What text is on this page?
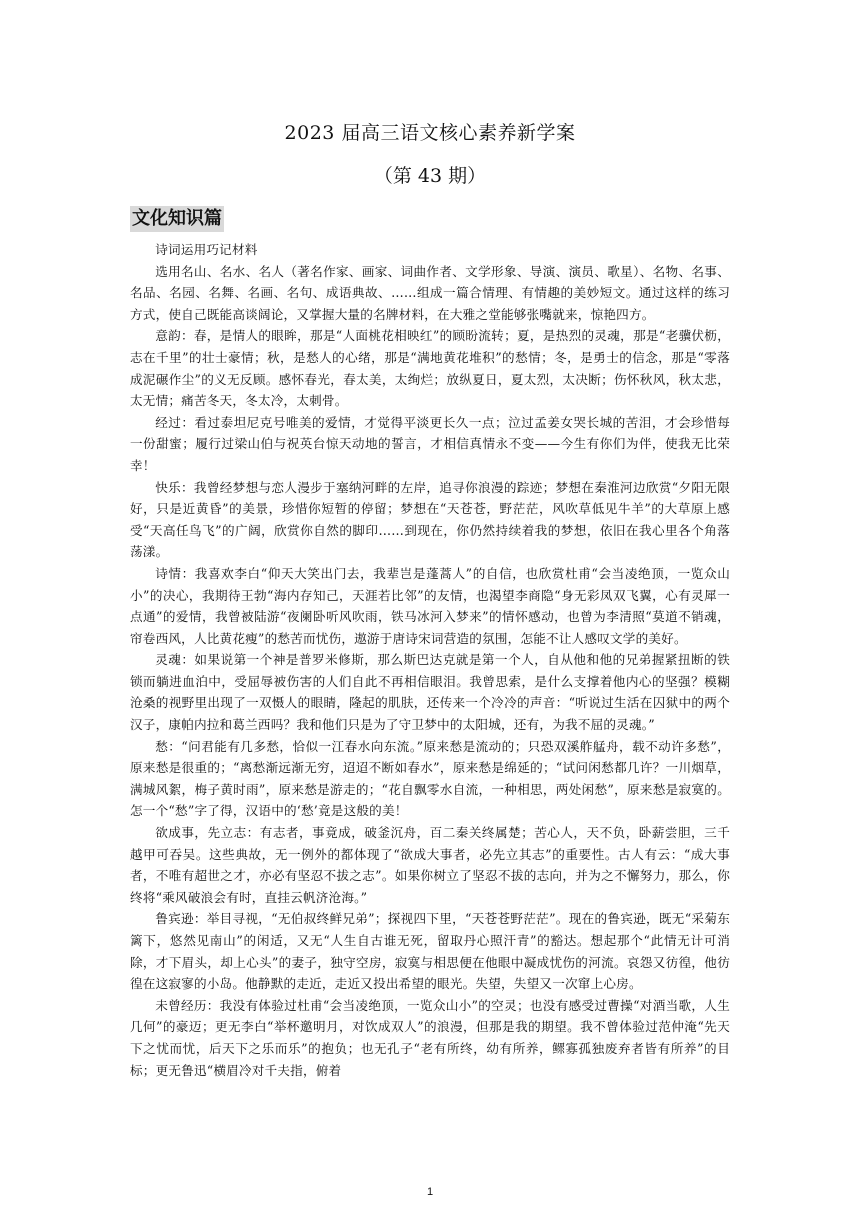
2023 届高三语文核心素养新学案
（第 43 期）
文化知识篇

诗词运用巧记材料

选用名山、名水、名人（著名作家、画家、词曲作者、文学形象、导演、演员、歌星）、名物、名事、名品、名园、名舞、名画、名句、成语典故、……组成一篇合情理、有情趣的美妙短文。通过这样的练习方式，使自己既能高谈阔论，又掌握大量的名牌材料，在大雅之堂能够张嘴就来，惊艳四方。

意韵：春，是情人的眼眸，那是“人面桃花相映红”的顾盼流转；夏，是热烈的灵魂，那是“老骥伏枥，志在千里”的壮士豪情；秋，是愁人的心绪，那是“满地黄花堆积”的愁情；冬，是勇士的信念，那是“零落成泥碾作尘”的义无反顾。感怀春光，春太美，太绚烂；放纵夏日，夏太烈，太决断；伤怀秋风，秋太悲，太无情；痛苦冬天，冬太冷，太刺骨。

经过：看过泰坦尼克号唯美的爱情，才觉得平淡更长久一点；泣过孟姜女哭长城的苦泪，才会珍惜每一份甜蜜；履行过梁山伯与祝英台惊天动地的誓言，才相信真情永不变——今生有你们为伴，使我无比荣幸！

快乐：我曾经梦想与恋人漫步于塞纳河畔的左岸，追寻你浪漫的踪迹；梦想在秦淮河边欣赏“夕阳无限好，只是近黄昏”的美景，珍惜你短暂的停留；梦想在“天苍苍，野茫茫，风吹草低见牛羊”的大草原上感受“天高任鸟飞”的广阔，欣赏你自然的脚印……到现在，你仍然持续着我的梦想，依旧在我心里各个角落荡漾。

诗情：我喜欢李白“仰天大笑出门去，我辈岂是蓬蒿人”的自信，也欣赏杜甫“会当凌绝顶，一览众山小”的决心，我期待王勃“海内存知己，天涯若比邻”的友情，也渴望李商隐“身无彩凤双飞翼，心有灵犀一点通”的爱情，我曾被陆游“夜阑卧听风吹雨，铁马冰河入梦来”的情怀感动，也曾为李清照“莫道不销魂，帘卷西风，人比黄花瘦”的愁苦而忧伤，遨游于唐诗宋词营造的氛围，怎能不让人感叹文学的美好。

灵魂：如果说第一个神是普罗米修斯，那么斯巴达克就是第一个人，自从他和他的兄弟握紧扭断的铁锁而躺进血泊中，受屈辱被伤害的人们自此不再相信眼泪。我曾思索，是什么支撑着他内心的坚强？模糊沧桑的视野里出现了一双慑人的眼睛，隆起的肌肤，还传来一个冷冷的声音：“听说过生活在囚狱中的两个汉子，康帕内拉和葛兰西吗？我和他们只是为了守卫梦中的太阳城，还有，为我不屈的灵魂。”

愁：“问君能有几多愁，恰似一江春水向东流。”原来愁是流动的；只恐双溪舴艋舟，载不动许多愁”，原来愁是很重的；“离愁渐远渐无穷，迢迢不断如春水”，原来愁是绵延的；“试问闲愁都几许？一川烟草，满城风絮，梅子黄时雨”，原来愁是游走的；“花自飘零水自流，一种相思，两处闲愁”，原来愁是寂寞的。怎一个“愁”字了得，汉语中的‘愁’竟是这般的美！

欲成事，先立志：有志者，事竟成，破釜沉舟，百二秦关终属楚；苦心人，天不负，卧薪尝胆，三千越甲可吞吴。这些典故，无一例外的都体现了“欲成大事者，必先立其志”的重要性。古人有云：“成大事者，不唯有超世之才，亦必有坚忍不拔之志”。如果你树立了坚忍不拔的志向，并为之不懈努力，那么，你终将“乘风破浪会有时，直挂云帆济沧海。”

鲁宾逊：举目寻视，“无伯叔终鲜兄弟”；探视四下里，“天苍苍野茫茫”。现在的鲁宾逊，既无“采菊东篱下，悠然见南山”的闲适，又无“人生自古谁无死，留取丹心照汗青”的豁达。想起那个“此情无计可消除，才下眉头，却上心头”的妻子，独守空房，寂寞与相思便在他眼中凝成忧伤的河流。哀怨又彷徨，他彷徨在这寂寥的小岛。他静默的走近，走近又投出希望的眼光。失望，失望又一次窜上心房。

未曾经历：我没有体验过杜甫“会当凌绝顶，一览众山小”的空灵；也没有感受过曹操“对酒当歌，人生几何”的豪迈；更无李白“举杯邀明月，对饮成双人”的浪漫，但那是我的期望。我不曾体验过范仲淹“先天下之忧而忧，后天下之乐而乐”的抱负；也无孔子“老有所终，幼有所养，鳏寡孤独废弃者皆有所养”的目标；更无鲁迅“横眉冷对千夫指，俯着

1
